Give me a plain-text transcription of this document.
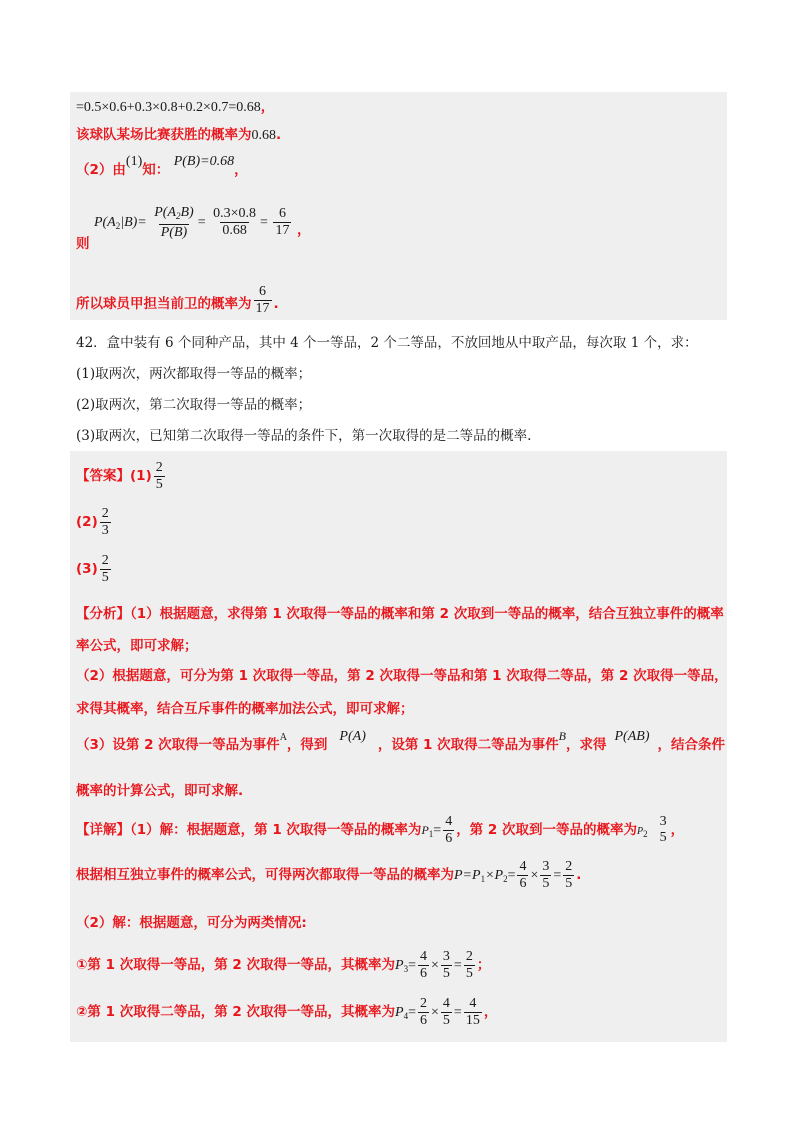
=0.5×0.6+0.3×0.8+0.2×0.7=0.68，
该球队某场比赛获胜的概率为0.68.
（2）由(1)知： P(B)=0.68，
则 $P(A_2|B)= \frac{P(A_2B)}{P(B)} = \frac{0.3\times 0.8}{0.68} = \frac{6}{17}$ ，
所以球员甲担当前卫的概率为 $\frac{6}{17}$ .
42．盒中装有 6 个同种产品，其中 4 个一等品，2 个二等品，不放回地从中取产品，每次取 1 个，求：
(1)取两次，两次都取得一等品的概率；
(2)取两次，第二次取得一等品的概率；
(3)取两次，已知第二次取得一等品的条件下，第一次取得的是二等品的概率.
【答案】$(1) \frac{2}{5}$
$(2) \frac{2}{3}$
$(3) \frac{2}{5}$
【分析】（1）根据题意，求得第 1 次取得一等品的概率和第 2 次取到一等品的概率，结合互独立事件的概率
率公式，即可求解；
（2）根据题意，可分为第 1 次取得一等品，第 2 次取得一等品和第 1 次取得二等品，第 2 次取得一等品，
求得其概率，结合互斥事件的概率加法公式，即可求解；
（3）设第 2 次取得一等品为事件$^A$，得到P(A)，设第 1 次取得二等品为事件B，求得P(AB)，结合条件
概率的计算公式，即可求解.
【详解】（1）解：根据题意，第 1 次取得一等品的概率为$P_1= \frac{4}{6}$ ，第 2 次取到一等品的概率为$P_2$
3
5 ，
根据相互独立事件的概率公式，可得两次都取得一等品的概率为$P=P_1\times P_2= \frac{4}{6} \times \frac{3}{5} = \frac{2}{5}$ .
（2）解：根据题意，可分为两类情况:
①第 1 次取得一等品，第 2 次取得一等品，其概率为$P_3= \frac{4}{6} \times \frac{3}{5} = \frac{2}{5}$ ；
②第 1 次取得二等品，第 2 次取得一等品，其概率为$P_4= \frac{2}{6} \times \frac{4}{5} = \frac{4}{15}$ ，
